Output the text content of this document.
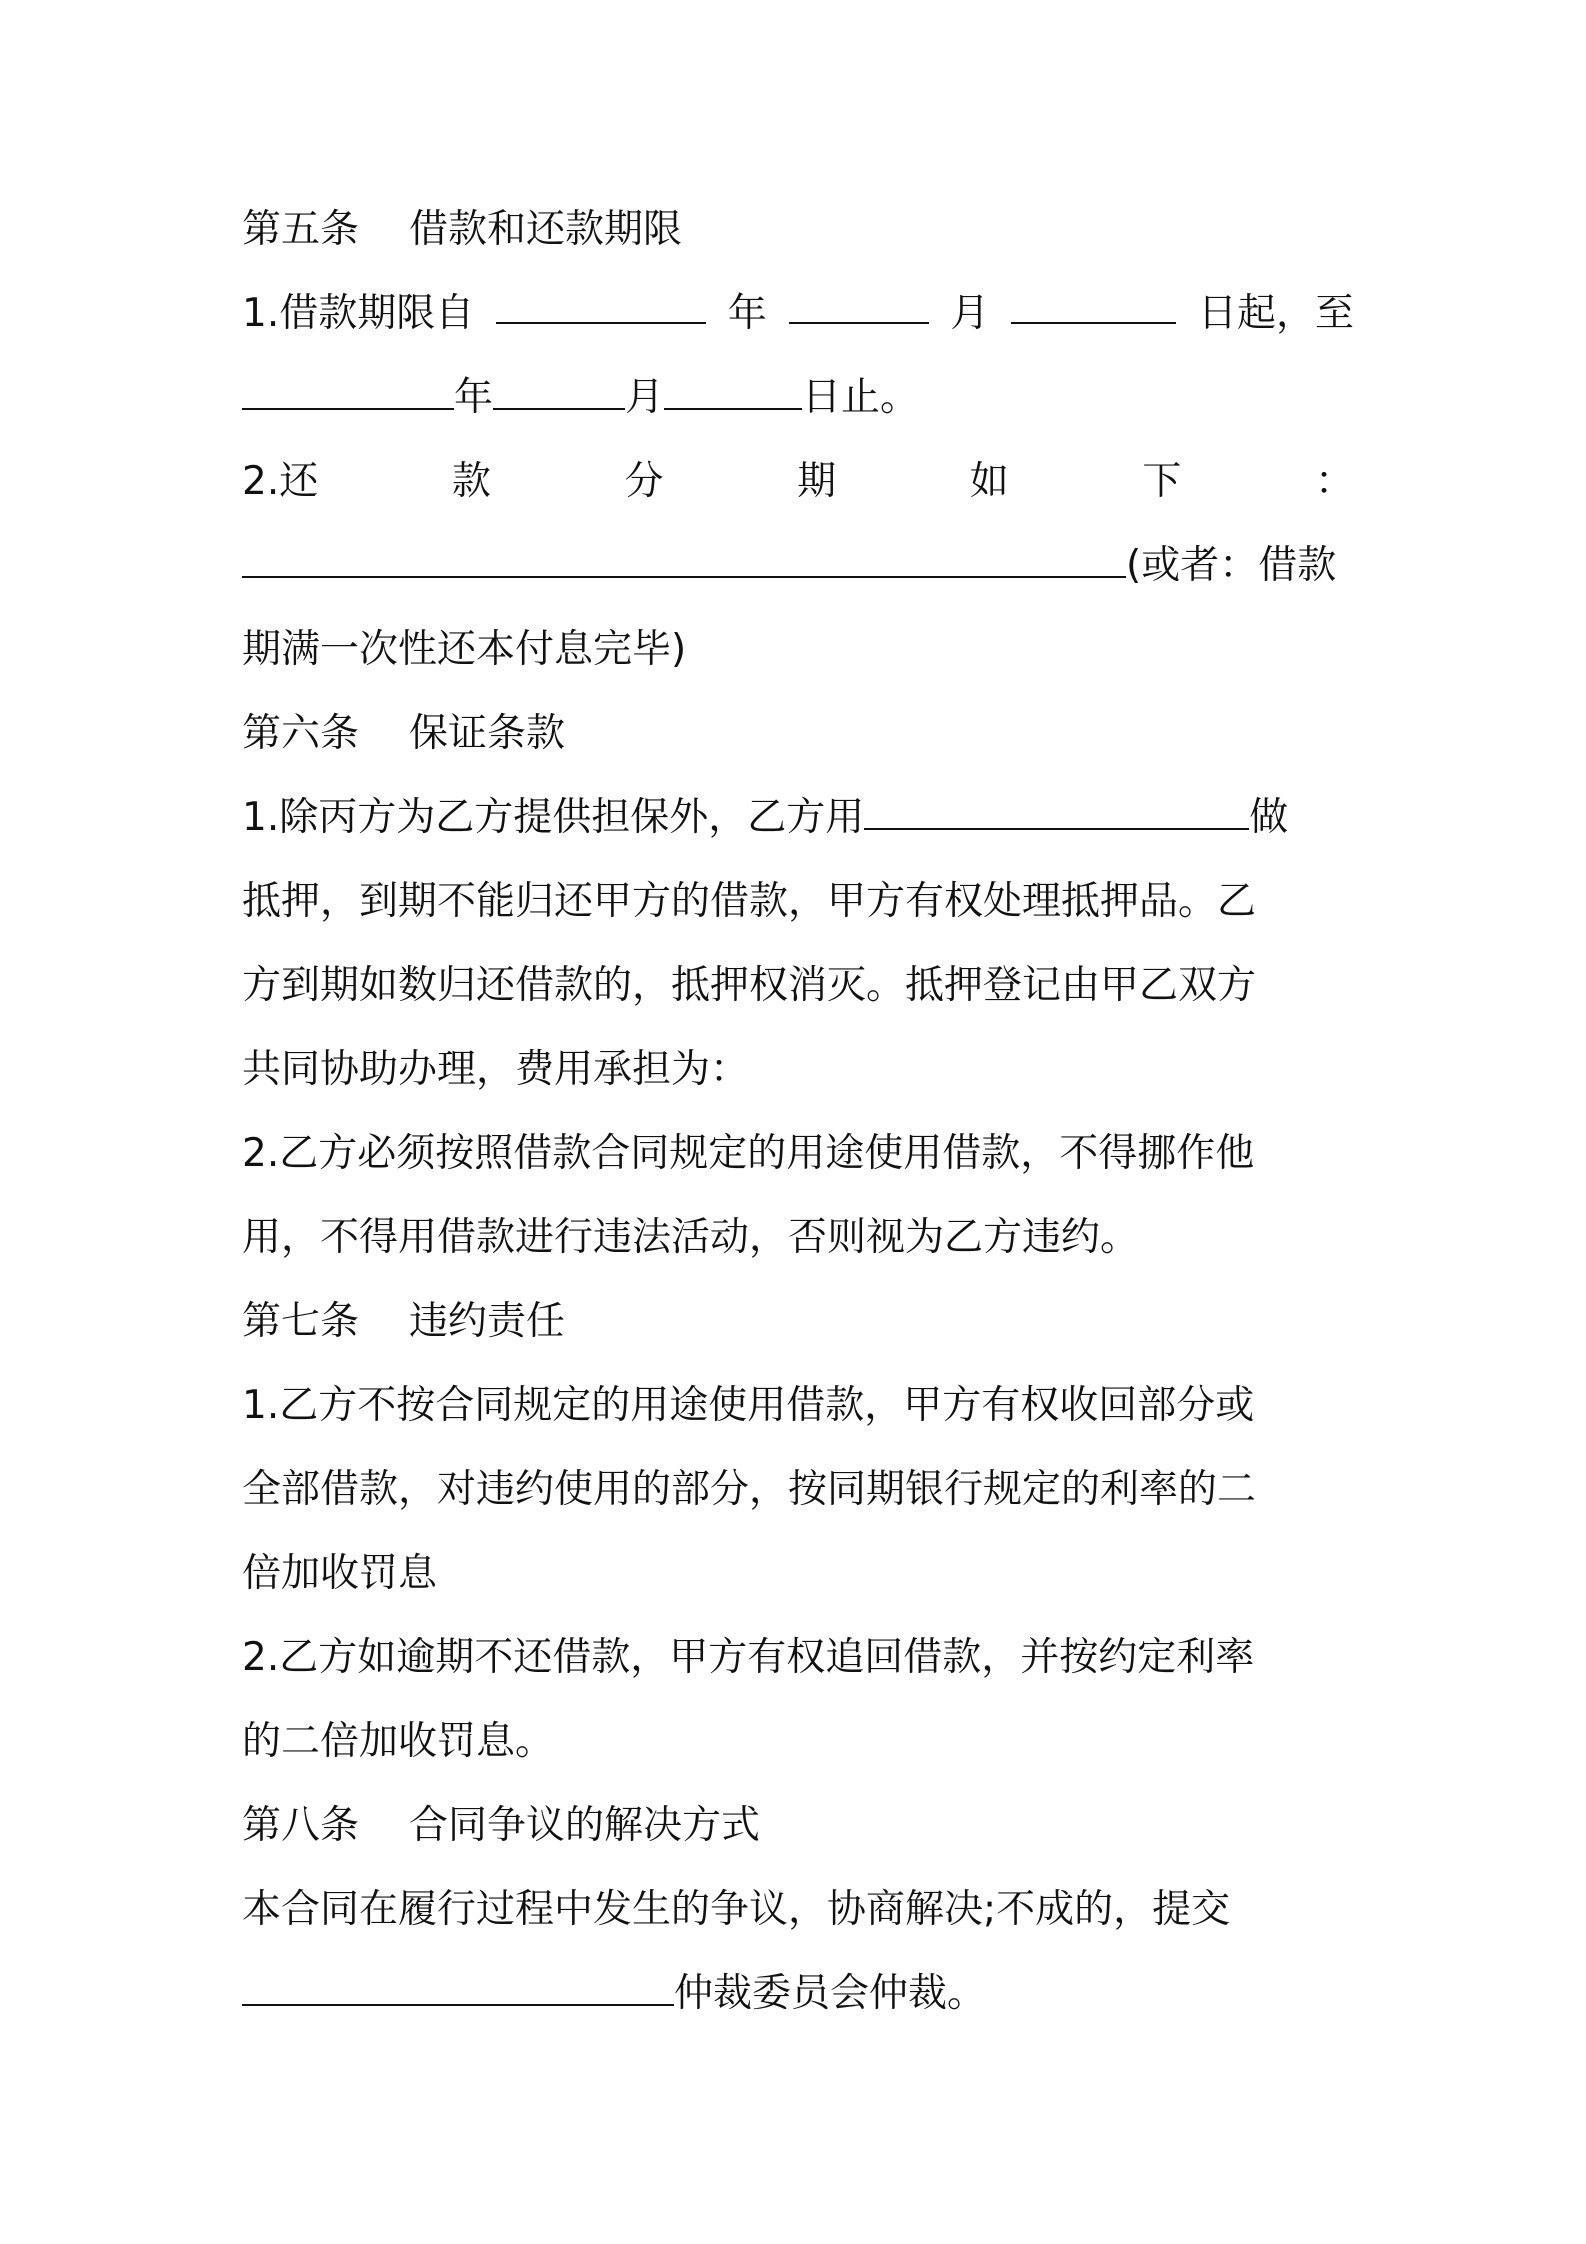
第五条 借款和还款期限
1.借款期限自	年	月	日起，至
年	月	日止。
2.还	款	分	期	如	下	：
(或者：借款
期满一次性还本付息完毕)
第六条 保证条款
1.除丙方为乙方提供担保外，乙方用	做
抵押，到期不能归还甲方的借款，甲方有权处理抵押品。乙
方到期如数归还借款的，抵押权消灭。抵押登记由甲乙双方
共同协助办理，费用承担为：
2.乙方必须按照借款合同规定的用途使用借款，不得挪作他
用，不得用借款进行违法活动，否则视为乙方违约。
第七条 违约责任
1.乙方不按合同规定的用途使用借款，甲方有权收回部分或
全部借款，对违约使用的部分，按同期银行规定的利率的二
倍加收罚息
2.乙方如逾期不还借款，甲方有权追回借款，并按约定利率
的二倍加收罚息。
第八条 合同争议的解决方式
本合同在履行过程中发生的争议，协商解决;不成的，提交
仲裁委员会仲裁。
